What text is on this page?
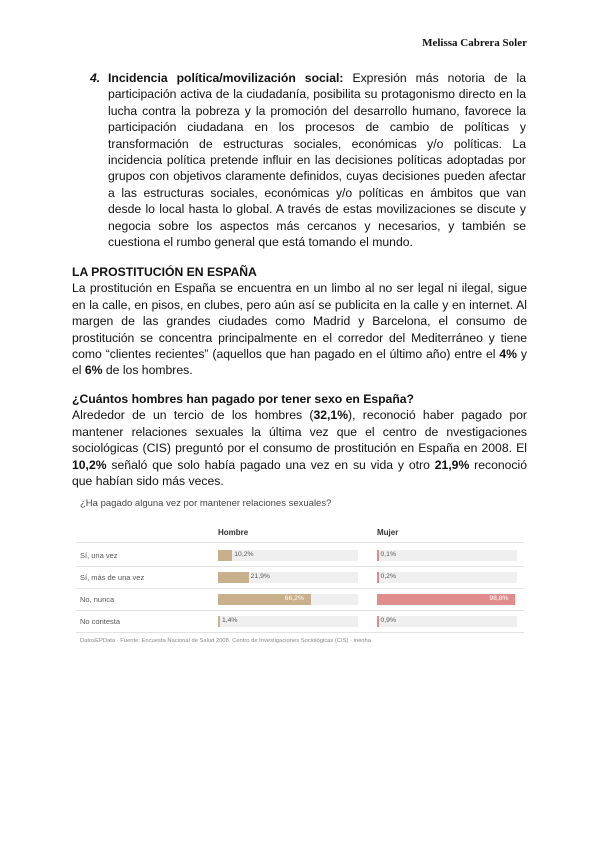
Melissa Cabrera Soler
4. Incidencia política/movilización social: Expresión más notoria de la participación activa de la ciudadanía, posibilita su protagonismo directo en la lucha contra la pobreza y la promoción del desarrollo humano, favorece la participación ciudadana en los procesos de cambio de políticas y transformación de estructuras sociales, económicas y/o políticas. La incidencia política pretende influir en las decisiones políticas adoptadas por grupos con objetivos claramente definidos, cuyas decisiones pueden afectar a las estructuras sociales, económicas y/o políticas en ámbitos que van desde lo local hasta lo global. A través de estas movilizaciones se discute y negocia sobre los aspectos más cercanos y necesarios, y también se cuestiona el rumbo general que está tomando el mundo.
LA PROSTITUCIÓN EN ESPAÑA
La prostitución en España se encuentra en un limbo al no ser legal ni ilegal, sigue en la calle, en pisos, en clubes, pero aún así se publicita en la calle y en internet. Al margen de las grandes ciudades como Madrid y Barcelona, el consumo de prostitución se concentra principalmente en el corredor del Mediterráneo y tiene como “clientes recientes” (aquellos que han pagado en el último año) entre el 4% y el 6% de los hombres.
¿Cuántos hombres han pagado por tener sexo en España?
Alrededor de un tercio de los hombres (32,1%), reconoció haber pagado por mantener relaciones sexuales la última vez que el centro de nvestigaciones sociológicas (CIS) preguntó por el consumo de prostitución en España en 2008. El 10,2% señaló que solo había pagado una vez en su vida y otro 21,9% reconoció que habían sido más veces.
¿Ha pagado alguna vez por mantener relaciones sexuales?
Hombre	Mujer
DatosEPData · Fuente: Encuesta Nacional de Salud 2008. Centro de Investigaciones Sociológicas (CIS) · ineoha
Sí, una vez	10,2%	0,1%
Sí, más de una vez	21,9%	0,2%
No, nunca	66,2%	98,8%
No contesta	1,4%	0,9%
